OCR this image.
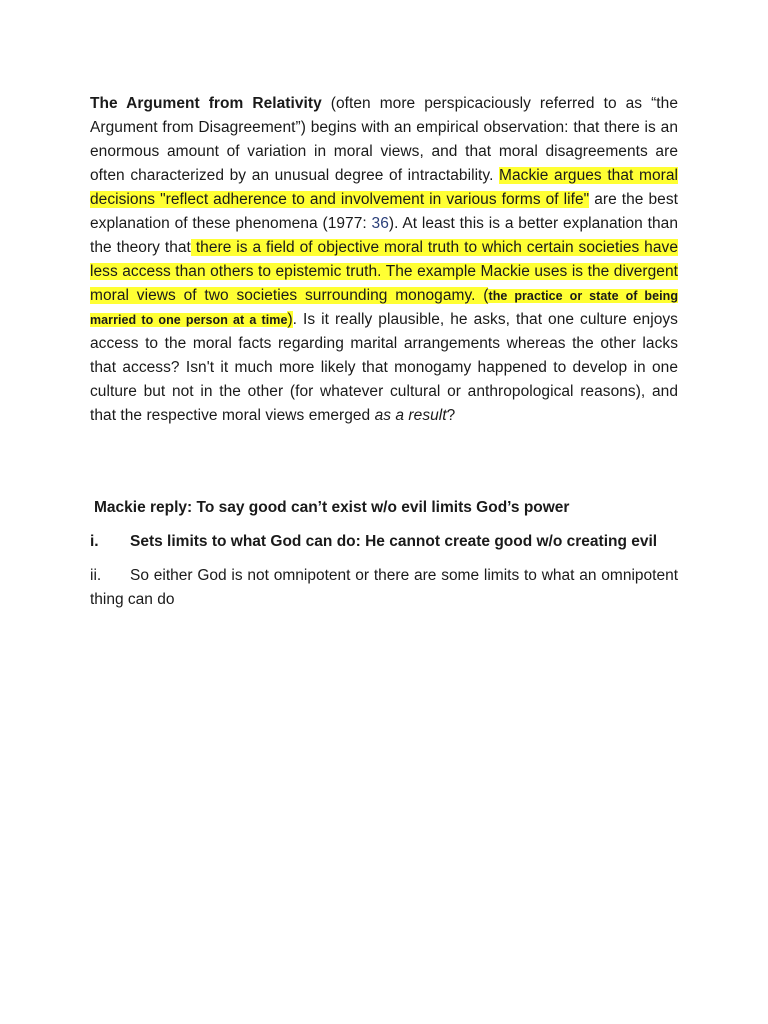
The Argument from Relativity (often more perspicaciously referred to as “the Argument from Disagreement”) begins with an empirical observation: that there is an enormous amount of variation in moral views, and that moral disagreements are often characterized by an unusual degree of intractability. Mackie argues that moral decisions "reflect adherence to and involvement in various forms of life" are the best explanation of these phenomena (1977: 36). At least this is a better explanation than the theory that there is a field of objective moral truth to which certain societies have less access than others to epistemic truth. The example Mackie uses is the divergent moral views of two societies surrounding monogamy. (the practice or state of being married to one person at a time). Is it really plausible, he asks, that one culture enjoys access to the moral facts regarding marital arrangements whereas the other lacks that access? Isn't it much more likely that monogamy happened to develop in one culture but not in the other (for whatever cultural or anthropological reasons), and that the respective moral views emerged as a result?

Mackie reply: To say good can’t exist w/o evil limits God’s power

i.	Sets limits to what God can do: He cannot create good w/o creating evil
ii.	So either God is not omnipotent or there are some limits to what an omnipotent thing can do
